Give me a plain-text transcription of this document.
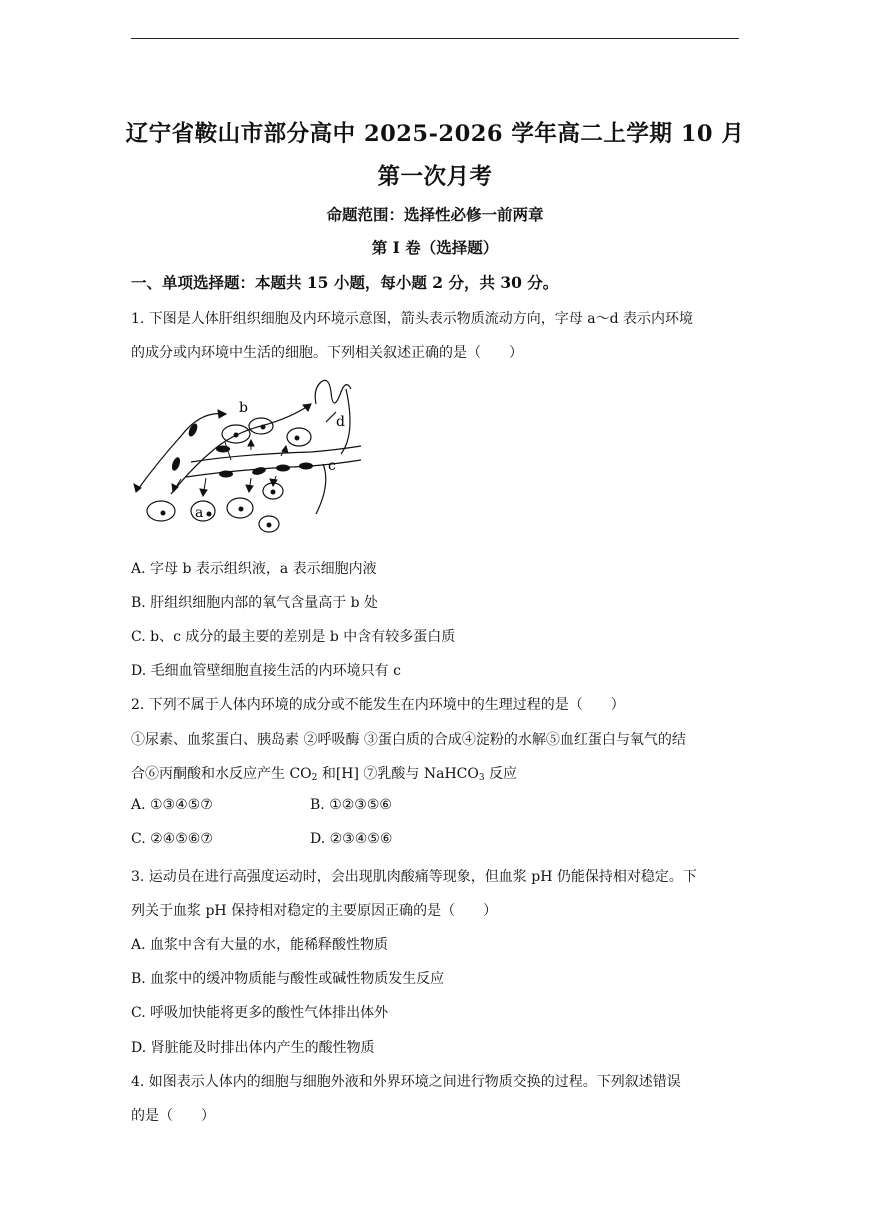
辽宁省鞍山市部分高中 2025-2026 学年高二上学期 10 月
第一次月考
命题范围：选择性必修一前两章
第 I 卷（选择题）
一、单项选择题：本题共 15 小题，每小题 2 分，共 30 分。
1. 下图是人体肝组织细胞及内环境示意图，箭头表示物质流动方向，字母 a～d 表示内环境
的成分或内环境中生活的细胞。下列相关叙述正确的是（　　）
b
d
c
a
A. 字母 b 表示组织液，a 表示细胞内液
B. 肝组织细胞内部的氧气含量高于 b 处
C. b、c 成分的最主要的差别是 b 中含有较多蛋白质
D. 毛细血管壁细胞直接生活的内环境只有 c
2. 下列不属于人体内环境的成分或不能发生在内环境中的生理过程的是（　　）
①尿素、血浆蛋白、胰岛素 ②呼吸酶 ③蛋白质的合成④淀粉的水解⑤血红蛋白与氧气的结
合⑥丙酮酸和水反应产生 $CO_2$ 和[H] ⑦乳酸与 NaHCO$_3$ 反应
A. ①③④⑤⑦	B. ①②③⑤⑥
C. ②④⑤⑥⑦	D. ②③④⑤⑥
3. 运动员在进行高强度运动时，会出现肌肉酸痛等现象，但血浆 pH 仍能保持相对稳定。下
列关于血浆 pH 保持相对稳定的主要原因正确的是（　　）
A. 血浆中含有大量的水，能稀释酸性物质
B. 血浆中的缓冲物质能与酸性或碱性物质发生反应
C. 呼吸加快能将更多的酸性气体排出体外
D. 肾脏能及时排出体内产生的酸性物质
4. 如图表示人体内的细胞与细胞外液和外界环境之间进行物质交换的过程。下列叙述错误
的是（　　）
